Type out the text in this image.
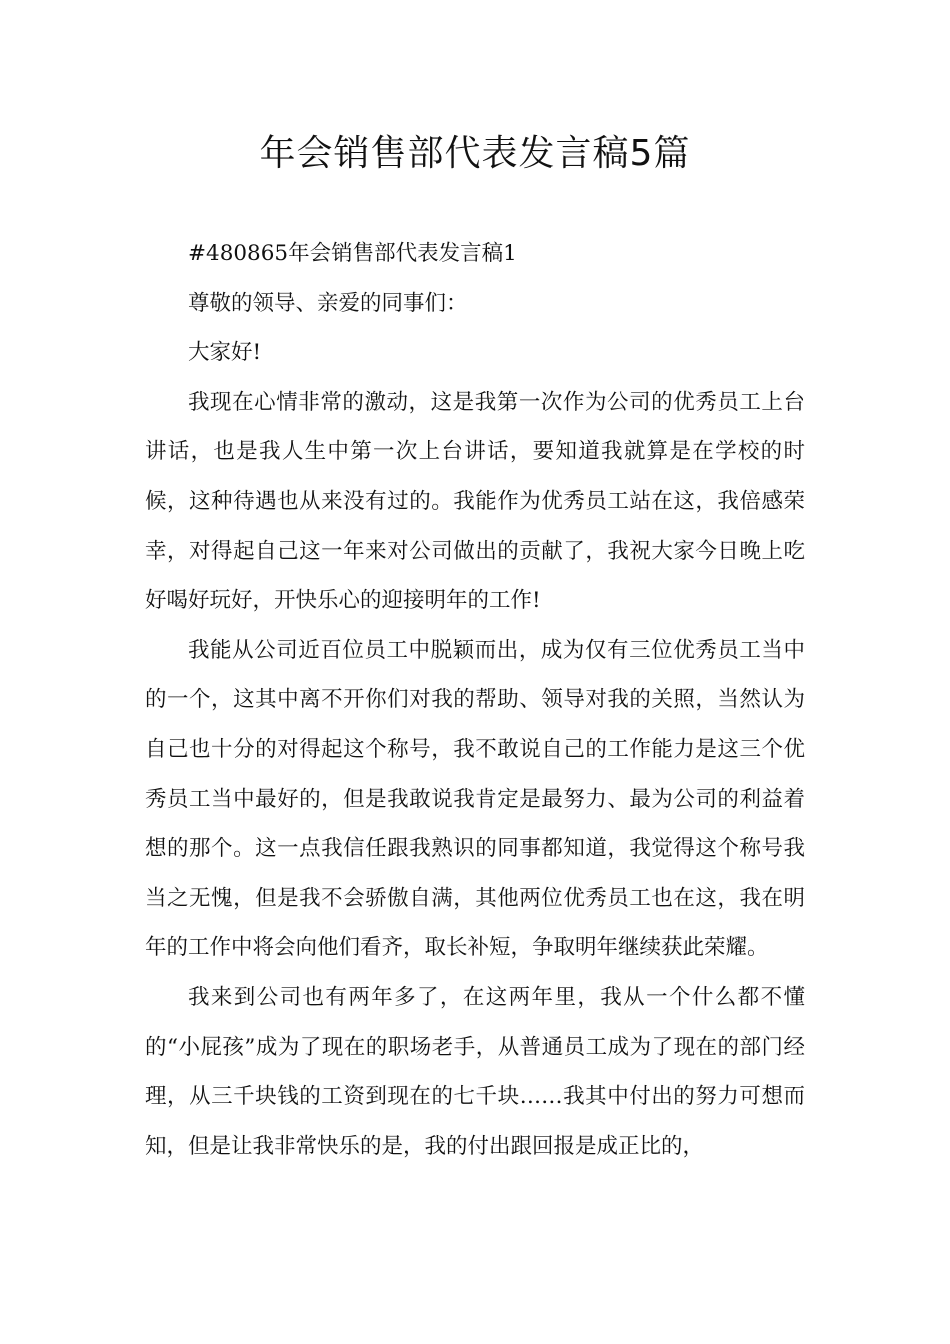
年会销售部代表发言稿5篇

#480865年会销售部代表发言稿1

尊敬的领导、亲爱的同事们：

大家好!

我现在心情非常的激动，这是我第一次作为公司的优秀员工上台讲话，也是我人生中第一次上台讲话，要知道我就算是在学校的时候，这种待遇也从来没有过的。我能作为优秀员工站在这，我倍感荣幸，对得起自己这一年来对公司做出的贡献了，我祝大家今日晚上吃好喝好玩好，开快乐心的迎接明年的工作!

我能从公司近百位员工中脱颖而出，成为仅有三位优秀员工当中的一个，这其中离不开你们对我的帮助、领导对我的关照，当然认为自己也十分的对得起这个称号，我不敢说自己的工作能力是这三个优秀员工当中最好的，但是我敢说我肯定是最努力、最为公司的利益着想的那个。这一点我信任跟我熟识的同事都知道，我觉得这个称号我当之无愧，但是我不会骄傲自满，其他两位优秀员工也在这，我在明年的工作中将会向他们看齐，取长补短，争取明年继续获此荣耀。

我来到公司也有两年多了，在这两年里，我从一个什么都不懂的“小屁孩”成为了现在的职场老手，从普通员工成为了现在的部门经理，从三千块钱的工资到现在的七千块……我其中付出的努力可想而知，但是让我非常快乐的是，我的付出跟回报是成正比的，
